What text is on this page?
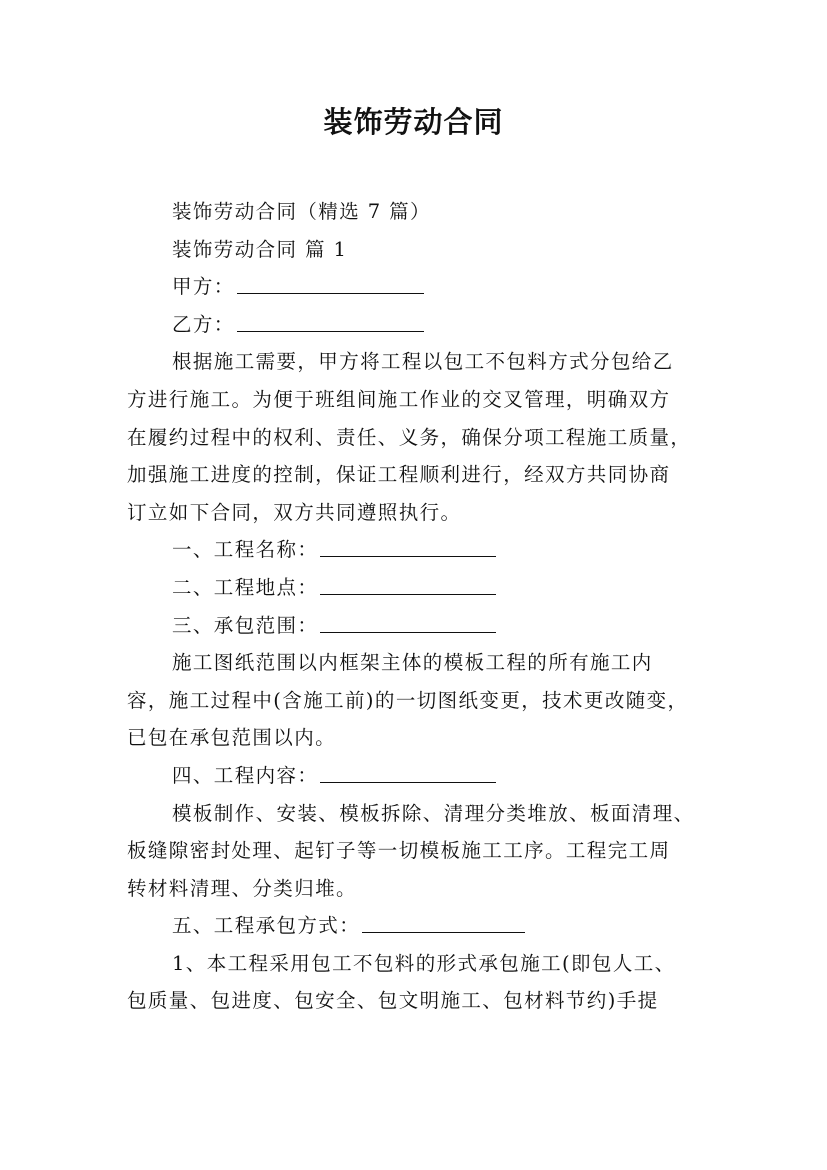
装饰劳动合同

装饰劳动合同（精选 7 篇）

装饰劳动合同 篇 1

甲方：

乙方：

根据施工需要，甲方将工程以包工不包料方式分包给乙
方进行施工。为便于班组间施工作业的交叉管理，明确双方
在履约过程中的权利、责任、义务，确保分项工程施工质量，
加强施工进度的控制，保证工程顺利进行，经双方共同协商
订立如下合同，双方共同遵照执行。

一、工程名称：

二、工程地点：

三、承包范围：

施工图纸范围以内框架主体的模板工程的所有施工内
容，施工过程中(含施工前)的一切图纸变更，技术更改随变，
已包在承包范围以内。

四、工程内容：

模板制作、安装、模板拆除、清理分类堆放、板面清理、
板缝隙密封处理、起钉子等一切模板施工工序。工程完工周
转材料清理、分类归堆。

五、工程承包方式：

1、本工程采用包工不包料的形式承包施工(即包人工、
包质量、包进度、包安全、包文明施工、包材料节约)手提
